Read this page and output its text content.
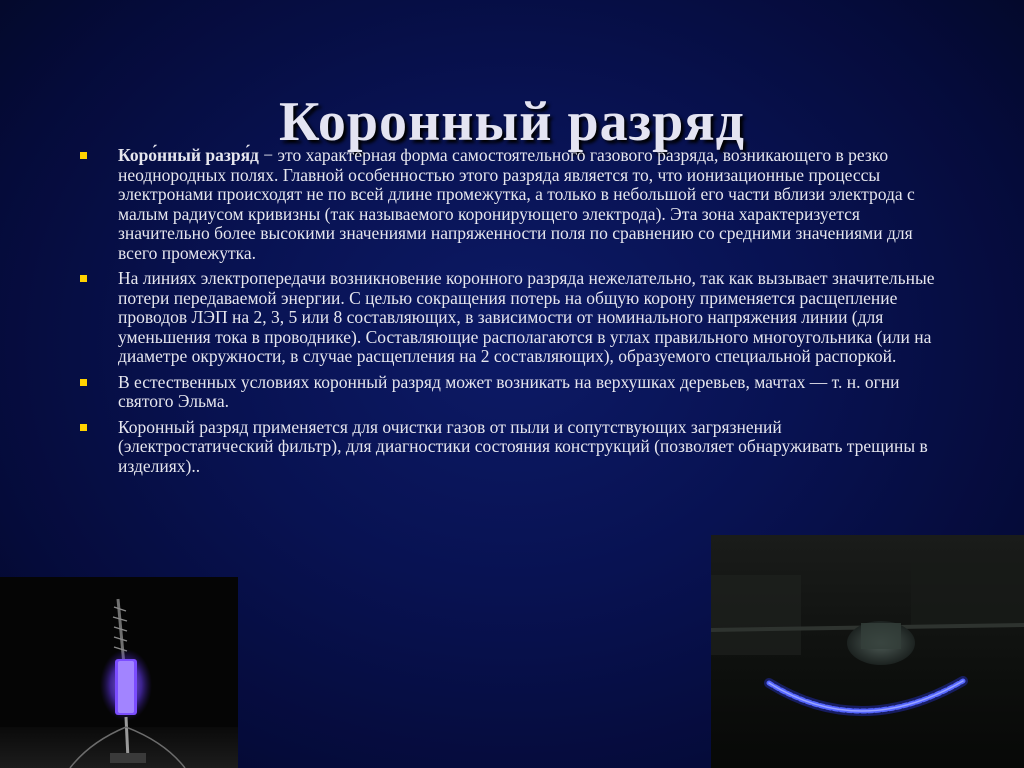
Коронный разряд
Коро́нный разря́д − это характерная форма самостоятельного газового разряда, возникающего в резко неоднородных полях. Главной особенностью этого разряда является то, что ионизационные процессы электронами происходят не по всей длине промежутка, а только в небольшой его части вблизи электрода с малым радиусом кривизны (так называемого коронирующего электрода). Эта зона характеризуется значительно более высокими значениями напряженности поля по сравнению со средними значениями для всего промежутка.
На линиях электропередачи возникновение коронного разряда нежелательно, так как вызывает значительные потери передаваемой энергии. С целью сокращения потерь на общую корону применяется расщепление проводов ЛЭП на 2, 3, 5 или 8 составляющих, в зависимости от номинального напряжения линии (для уменьшения тока в проводнике). Составляющие располагаются в углах правильного многоугольника (или на диаметре окружности, в случае расщепления на 2 составляющих), образуемого специальной распоркой.
В естественных условиях коронный разряд может возникать на верхушках деревьев, мачтах — т. н. огни святого Эльма.
Коронный разряд применяется для очистки газов от пыли и сопутствующих загрязнений (электростатический фильтр), для диагностики состояния конструкций (позволяет обнаруживать трещины в изделиях)..
